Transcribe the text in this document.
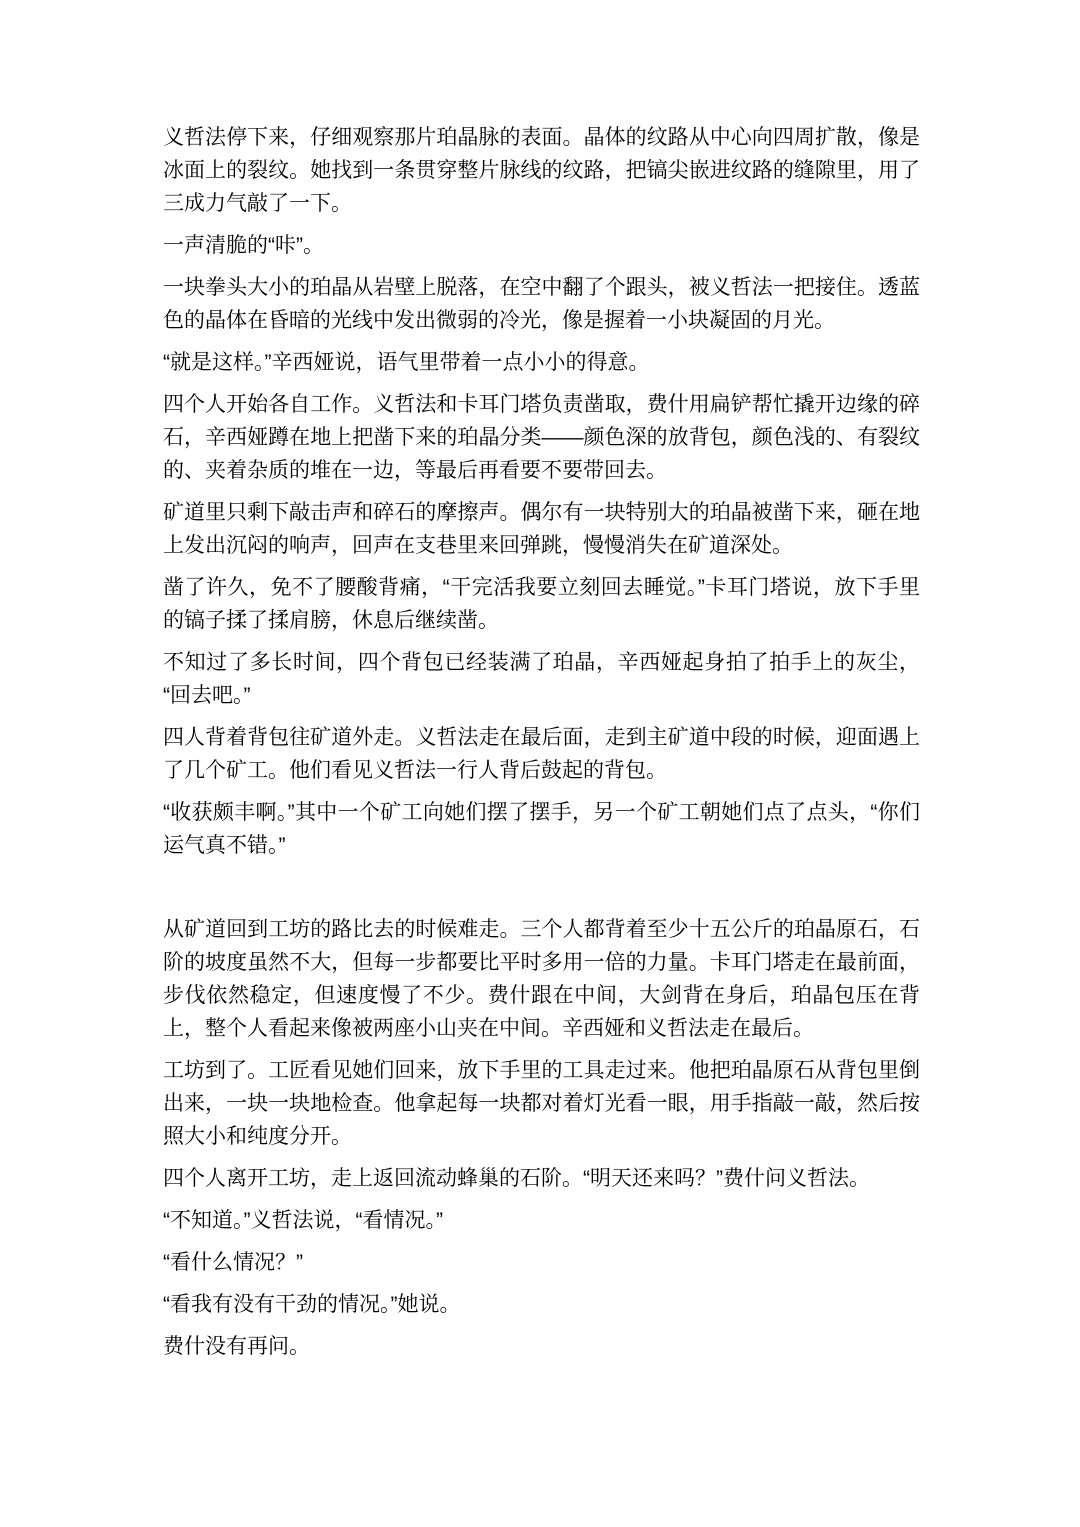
义哲法停下来，仔细观察那片珀晶脉的表面。晶体的纹路从中心向四周扩散，像是冰面上的裂纹。她找到一条贯穿整片脉线的纹路，把镐尖嵌进纹路的缝隙里，用了三成力气敲了一下。

一声清脆的“咔”。

一块拳头大小的珀晶从岩壁上脱落，在空中翻了个跟头，被义哲法一把接住。透蓝色的晶体在昏暗的光线中发出微弱的冷光，像是握着一小块凝固的月光。

“就是这样。”辛西娅说，语气里带着一点小小的得意。

四个人开始各自工作。义哲法和卡耳门塔负责凿取，费什用扁铲帮忙撬开边缘的碎石，辛西娅蹲在地上把凿下来的珀晶分类——颜色深的放背包，颜色浅的、有裂纹的、夹着杂质的堆在一边，等最后再看要不要带回去。

矿道里只剩下敲击声和碎石的摩擦声。偶尔有一块特别大的珀晶被凿下来，砸在地上发出沉闷的响声，回声在支巷里来回弹跳，慢慢消失在矿道深处。

凿了许久，免不了腰酸背痛，“干完活我要立刻回去睡觉。”卡耳门塔说，放下手里的镐子揉了揉肩膀，休息后继续凿。

不知过了多长时间，四个背包已经装满了珀晶，辛西娅起身拍了拍手上的灰尘，“回去吧。”

四人背着背包往矿道外走。义哲法走在最后面，走到主矿道中段的时候，迎面遇上了几个矿工。他们看见义哲法一行人背后鼓起的背包。

“收获颇丰啊。”其中一个矿工向她们摆了摆手，另一个矿工朝她们点了点头，“你们运气真不错。”

从矿道回到工坊的路比去的时候难走。三个人都背着至少十五公斤的珀晶原石，石阶的坡度虽然不大，但每一步都要比平时多用一倍的力量。卡耳门塔走在最前面，步伐依然稳定，但速度慢了不少。费什跟在中间，大剑背在身后，珀晶包压在背上，整个人看起来像被两座小山夹在中间。辛西娅和义哲法走在最后。

工坊到了。工匠看见她们回来，放下手里的工具走过来。他把珀晶原石从背包里倒出来，一块一块地检查。他拿起每一块都对着灯光看一眼，用手指敲一敲，然后按照大小和纯度分开。

四个人离开工坊，走上返回流动蜂巢的石阶。“明天还来吗？”费什问义哲法。

“不知道。”义哲法说，“看情况。”

“看什么情况？”

“看我有没有干劲的情况。”她说。

费什没有再问。
